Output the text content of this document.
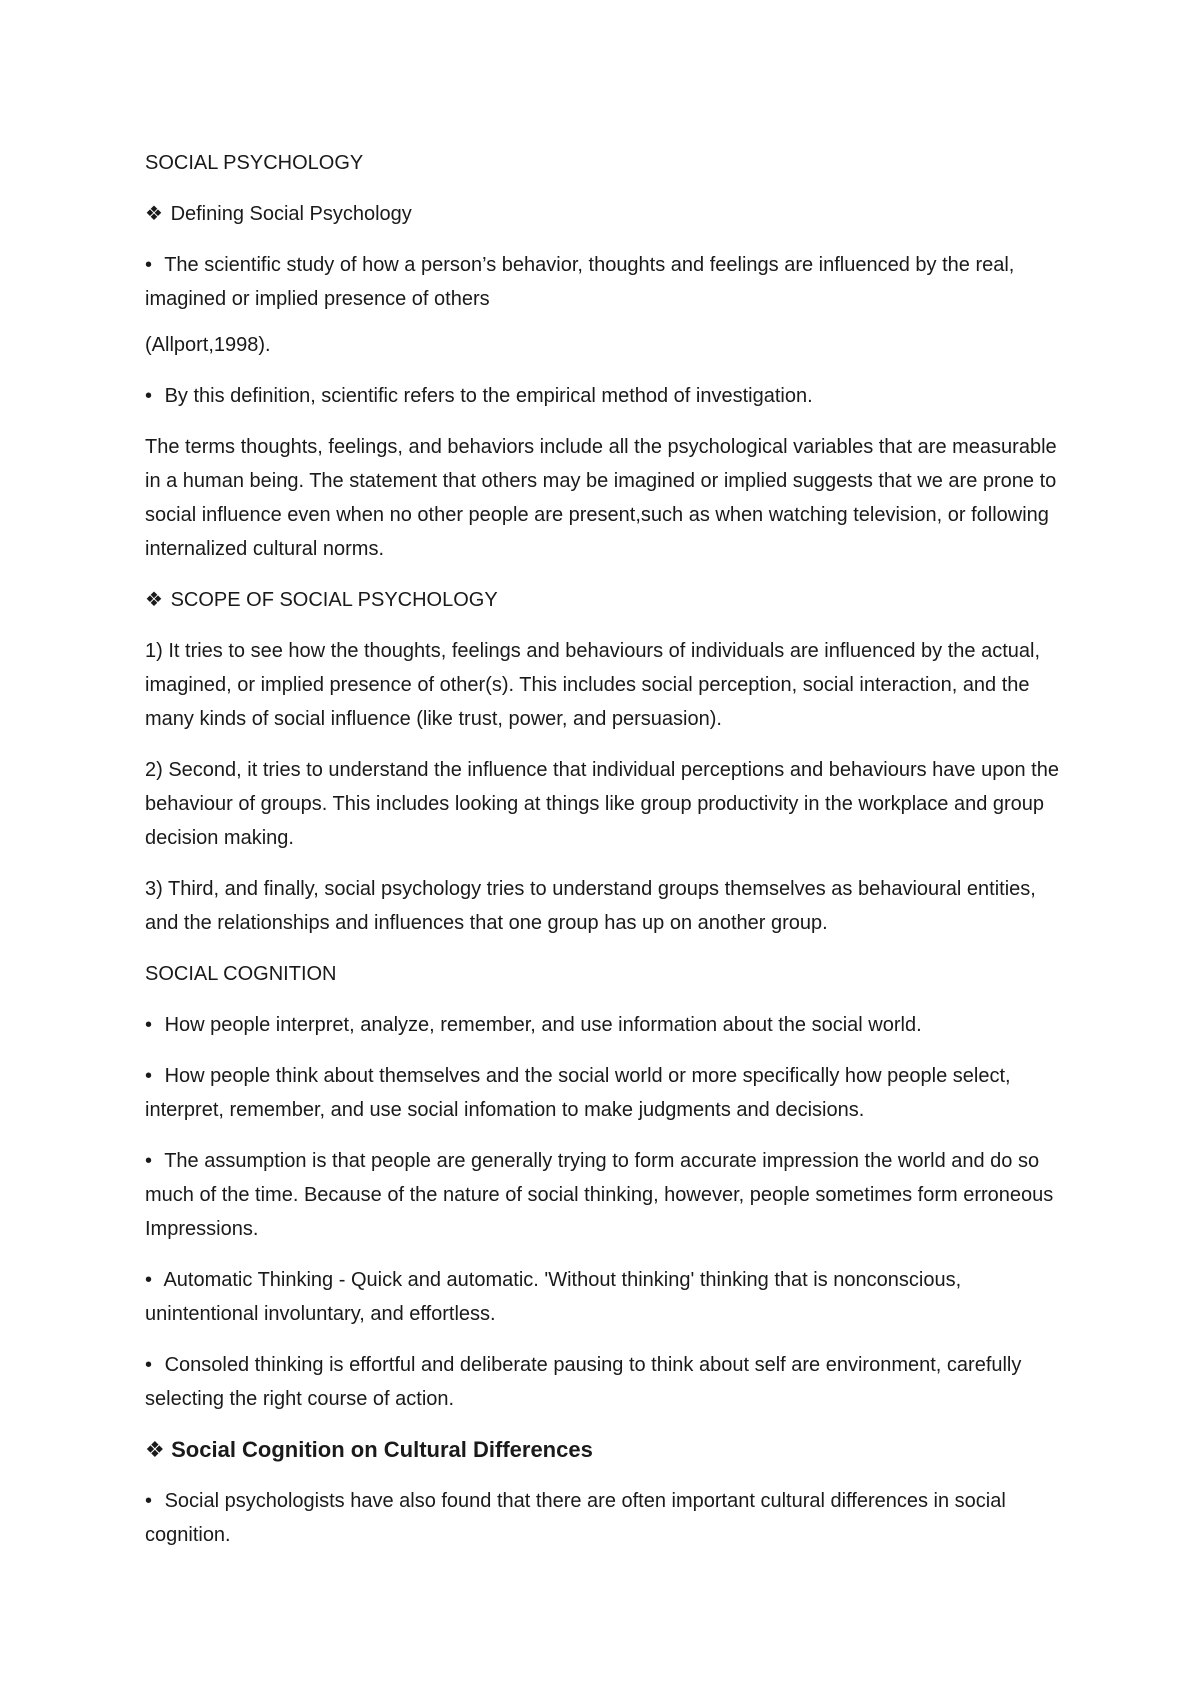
SOCIAL PSYCHOLOGY

❖ Defining Social Psychology

• The scientific study of how a person’s behavior, thoughts and feelings are influenced by the real, imagined or implied presence of others

(Allport,1998).

• By this definition, scientific refers to the empirical method of investigation.

The terms thoughts, feelings, and behaviors include all the psychological variables that are measurable in a human being. The statement that others may be imagined or implied suggests that we are prone to social influence even when no other people are present,such as when watching television, or following internalized cultural norms.

❖ SCOPE OF SOCIAL PSYCHOLOGY

1) It tries to see how the thoughts, feelings and behaviours of individuals are influenced by the actual, imagined, or implied presence of other(s). This includes social perception, social interaction, and the many kinds of social influence (like trust, power, and persuasion).

2) Second, it tries to understand the influence that individual perceptions and behaviours have upon the behaviour of groups. This includes looking at things like group productivity in the workplace and group decision making.

3) Third, and finally, social psychology tries to understand groups themselves as behavioural entities, and the relationships and influences that one group has up on another group.

SOCIAL COGNITION

• How people interpret, analyze, remember, and use information about the social world.

• How people think about themselves and the social world or more specifically how people select, interpret, remember, and use social infomation to make judgments and decisions.

• The assumption is that people are generally trying to form accurate impression the world and do so much of the time. Because of the nature of social thinking, however, people sometimes form erroneous Impressions.

• Automatic Thinking - Quick and automatic. 'Without thinking' thinking that is nonconscious, unintentional involuntary, and effortless.

• Consoled thinking is effortful and deliberate pausing to think about self are environment, carefully selecting the right course of action.

❖ Social Cognition on Cultural Differences

• Social psychologists have also found that there are often important cultural differences in social cognition.
